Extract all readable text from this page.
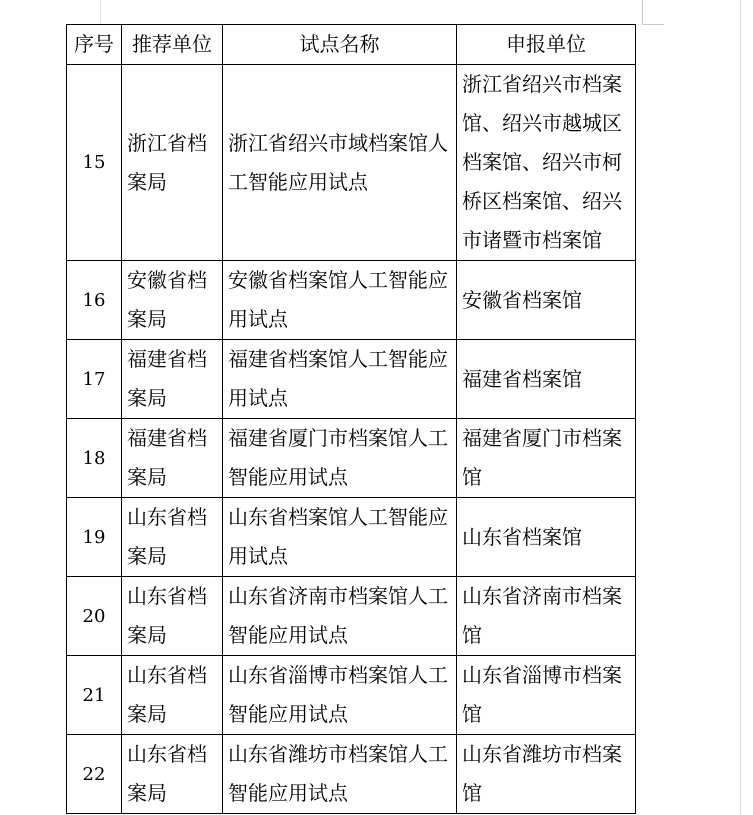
序号	推荐单位	试点名称	申报单位
15	浙江省档案局	浙江省绍兴市域档案馆人工智能应用试点	浙江省绍兴市档案馆、绍兴市越城区档案馆、绍兴市柯桥区档案馆、绍兴市诸暨市档案馆
16	安徽省档案局	安徽省档案馆人工智能应用试点	安徽省档案馆
17	福建省档案局	福建省档案馆人工智能应用试点	福建省档案馆
18	福建省档案局	福建省厦门市档案馆人工智能应用试点	福建省厦门市档案馆
19	山东省档案局	山东省档案馆人工智能应用试点	山东省档案馆
20	山东省档案局	山东省济南市档案馆人工智能应用试点	山东省济南市档案馆
21	山东省档案局	山东省淄博市档案馆人工智能应用试点	山东省淄博市档案馆
22	山东省档案局	山东省潍坊市档案馆人工智能应用试点	山东省潍坊市档案馆
